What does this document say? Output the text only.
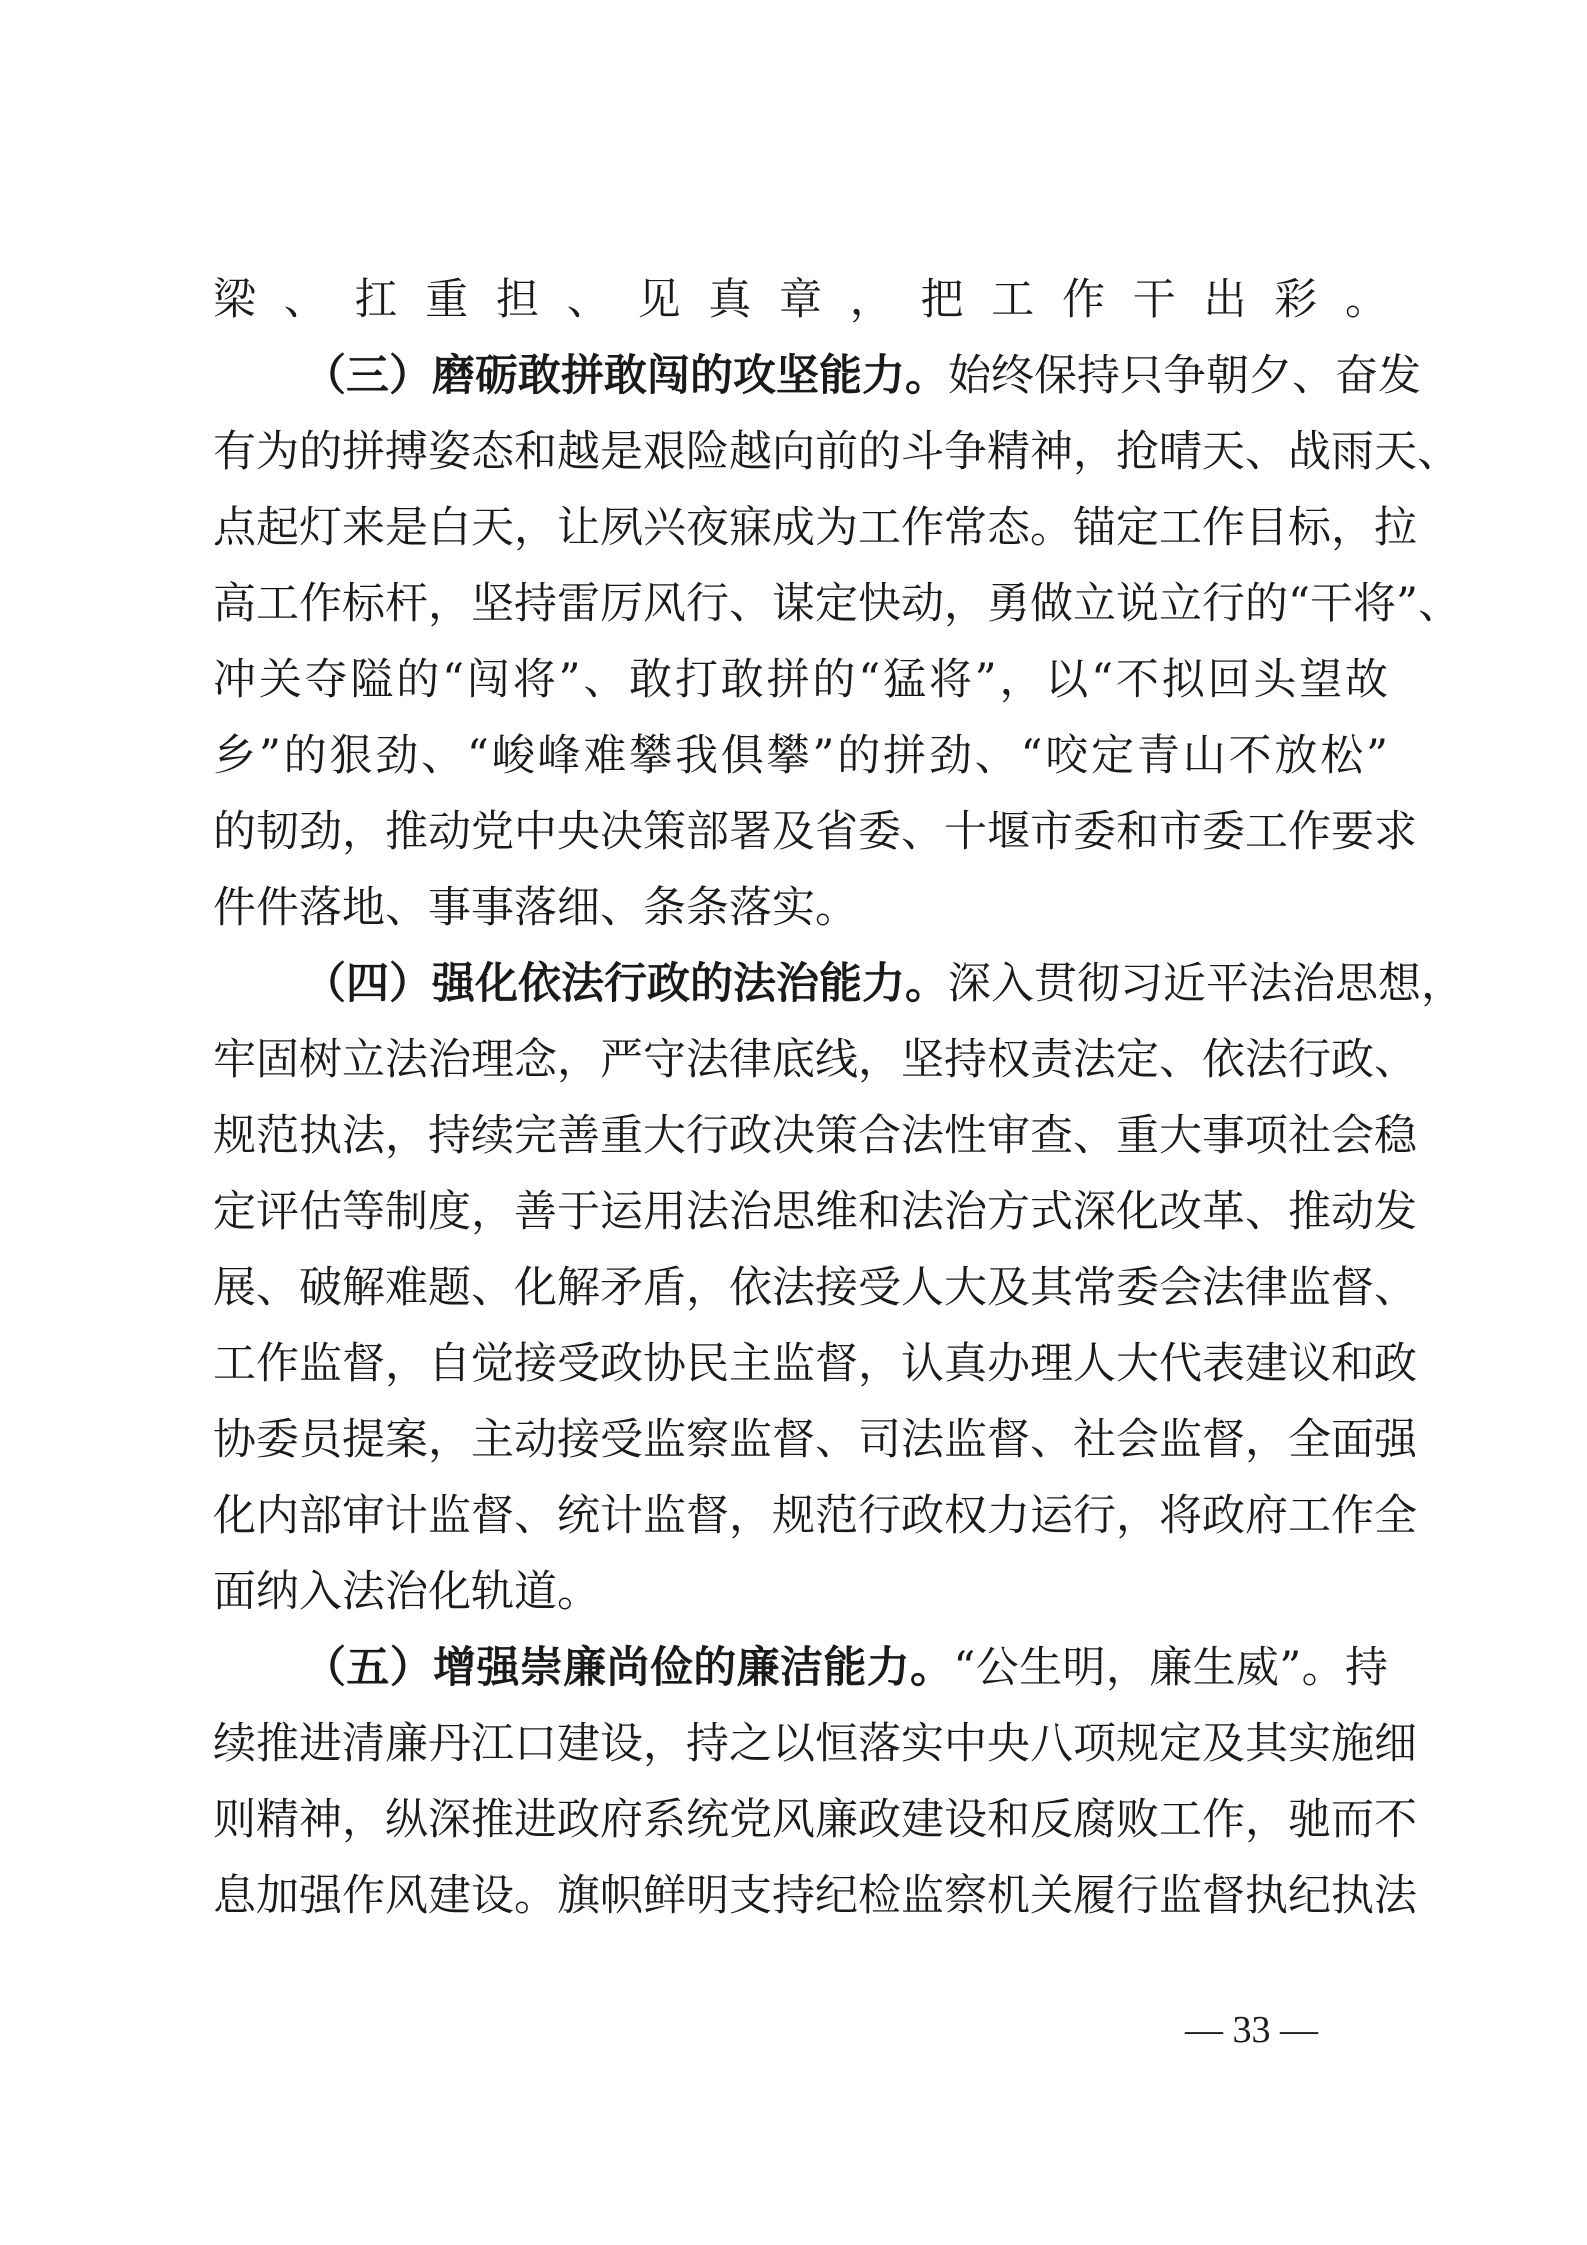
梁、扛重担、见真章，把工作干出彩。
（三）磨砺敢拼敢闯的攻坚能力。始终保持只争朝夕、奋发
有为的拼搏姿态和越是艰险越向前的斗争精神，抢晴天、战雨天、
点起灯来是白天，让夙兴夜寐成为工作常态。锚定工作目标，拉
高工作标杆，坚持雷厉风行、谋定快动，勇做立说立行的“干将”、
冲关夺隘的“闯将”、敢打敢拼的“猛将”，以“不拟回头望故
乡”的狠劲、“峻峰难攀我俱攀”的拼劲、“咬定青山不放松”
的韧劲，推动党中央决策部署及省委、十堰市委和市委工作要求
件件落地、事事落细、条条落实。
（四）强化依法行政的法治能力。深入贯彻习近平法治思想，
牢固树立法治理念，严守法律底线，坚持权责法定、依法行政、
规范执法，持续完善重大行政决策合法性审查、重大事项社会稳
定评估等制度，善于运用法治思维和法治方式深化改革、推动发
展、破解难题、化解矛盾，依法接受人大及其常委会法律监督、
工作监督，自觉接受政协民主监督，认真办理人大代表建议和政
协委员提案，主动接受监察监督、司法监督、社会监督，全面强
化内部审计监督、统计监督，规范行政权力运行，将政府工作全
面纳入法治化轨道。
（五）增强崇廉尚俭的廉洁能力。“公生明，廉生威”。持
续推进清廉丹江口建设，持之以恒落实中央八项规定及其实施细
则精神，纵深推进政府系统党风廉政建设和反腐败工作，驰而不
息加强作风建设。旗帜鲜明支持纪检监察机关履行监督执纪执法
— 33 —
